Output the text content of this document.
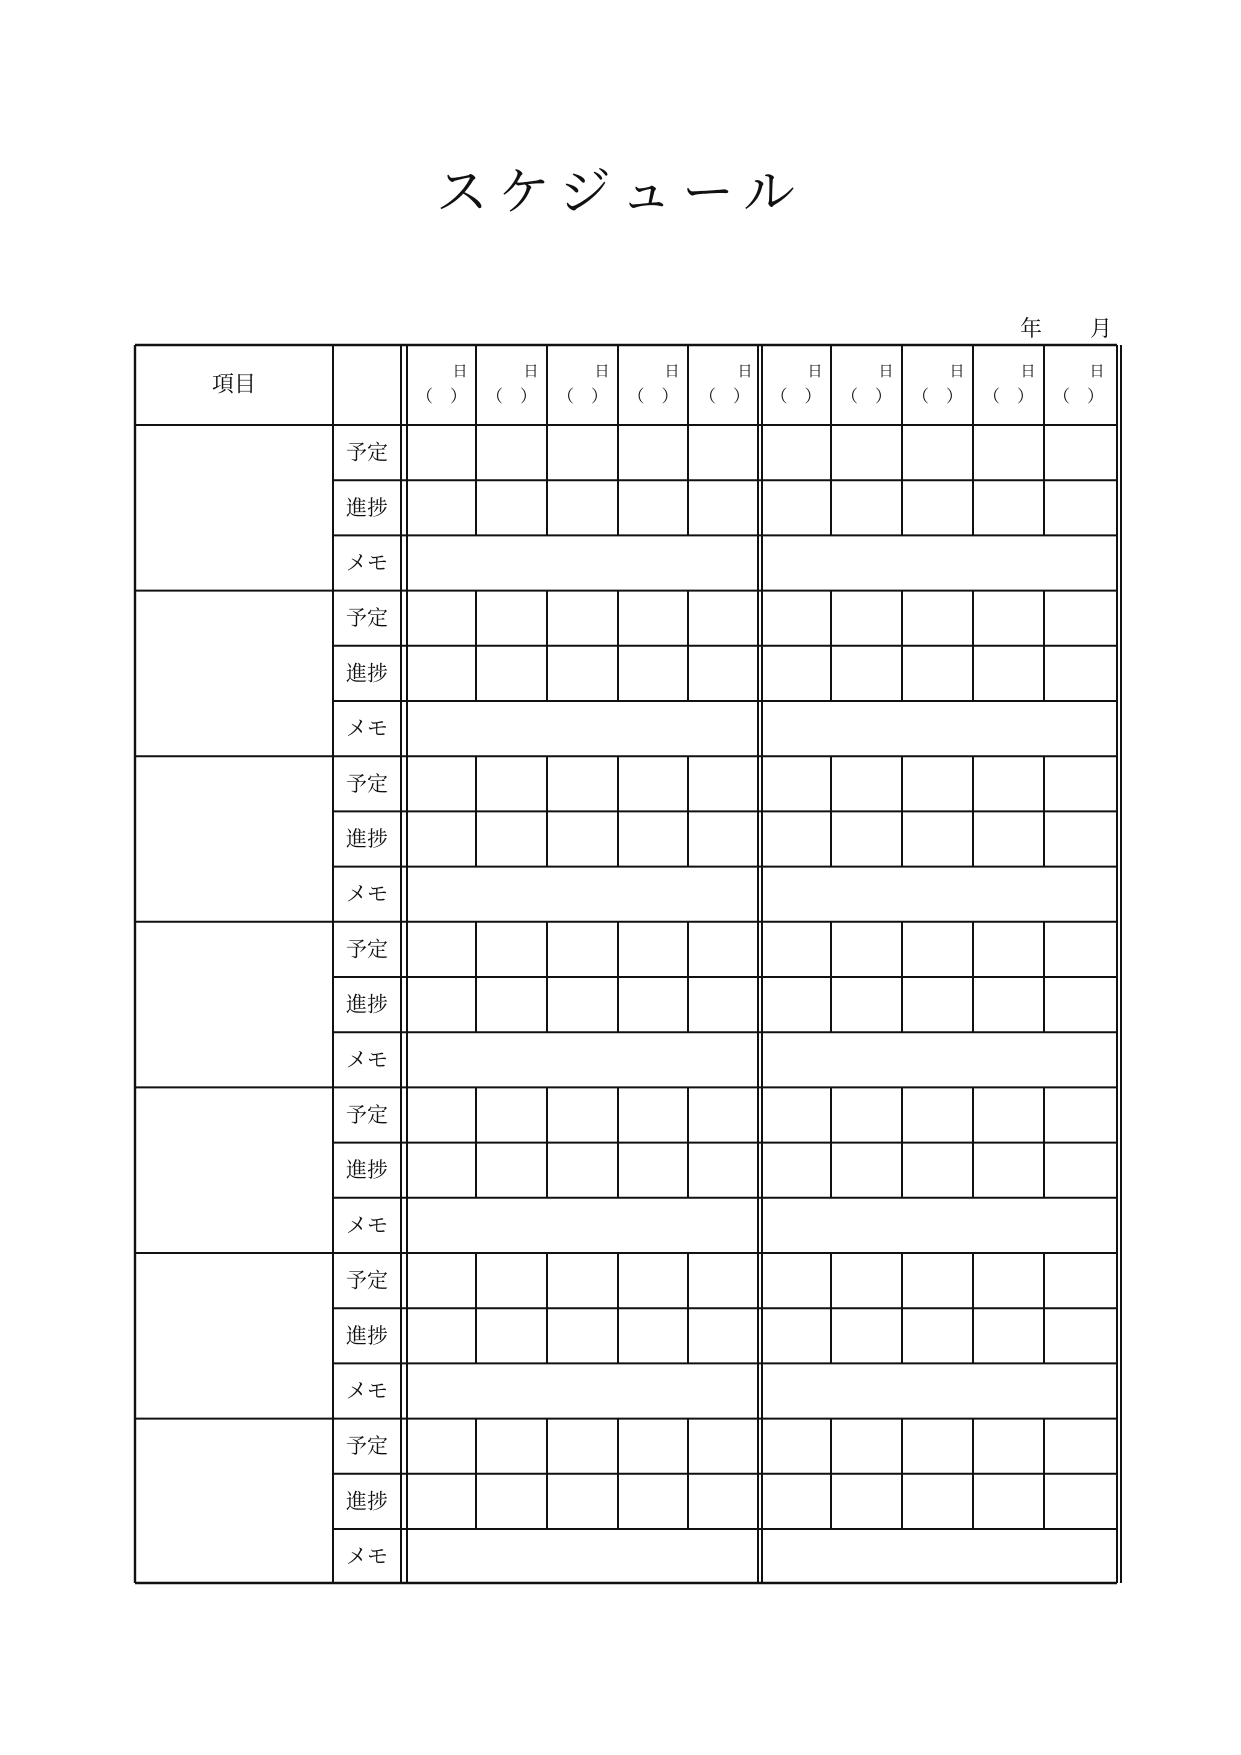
スケジュール
年 月
項目
日
（　）
日
（　）
日
（　）
日
（　）
日
（　）
日
（　）
日
（　）
日
（　）
日
（　）
日
（　）
予定
進捗
メモ
予定
進捗
メモ
予定
進捗
メモ
予定
進捗
メモ
予定
進捗
メモ
予定
進捗
メモ
予定
進捗
メモ
